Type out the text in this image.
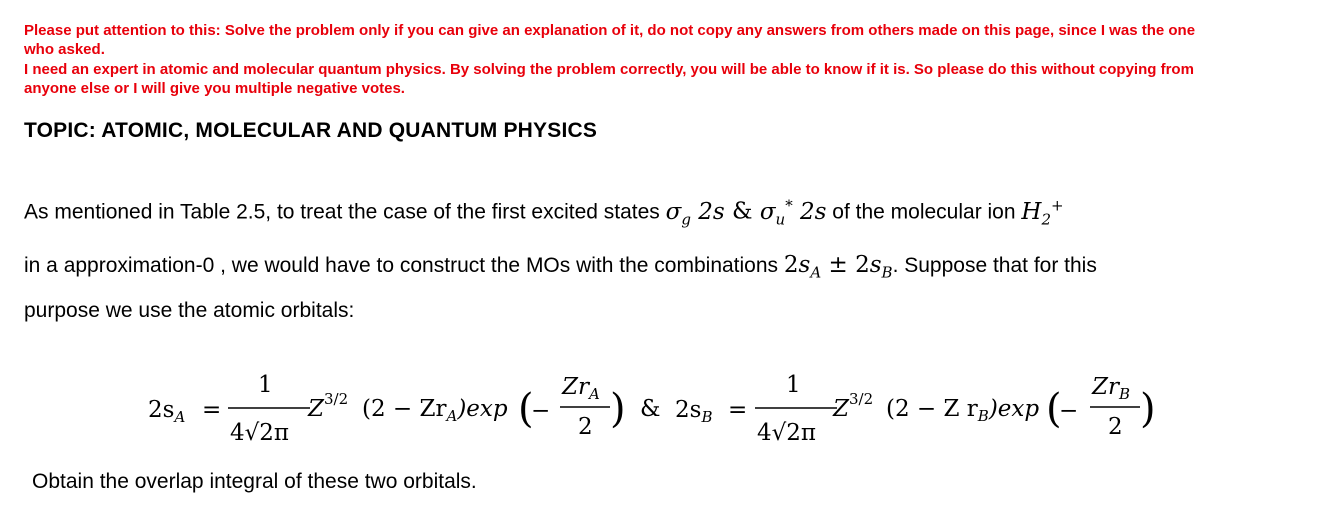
Please put attention to this: Solve the problem only if you can give an explanation of it, do not copy any answers from others made on this page, since I was the one who asked.
I need an expert in atomic and molecular quantum physics. By solving the problem correctly, you will be able to know if it is. So please do this without copying from anyone else or I will give you multiple negative votes.
TOPIC: ATOMIC, MOLECULAR AND QUANTUM PHYSICS
As mentioned in Table 2.5, to treat the case of the first excited states $\sigma_g$ 2s & $\sigma_u^*$ 2s of the molecular ion $H_2^+$
in a approximation-0 , we would have to construct the MOs with the combinations $2s_A \pm 2s_B$. Suppose that for this
purpose we use the atomic orbitals:
$2s_A$ =
1
4√2π
$Z^{3/2}$ $(2 - Zr_A)\exp$ (
−
$Zr_A$
2 ) & $2s_B$ =
1
4√2π
$Z^{3/2}$ (2 − Z $r_B)\exp$ (
−
$Zr_B$
2 )
Obtain the overlap integral of these two orbitals.
